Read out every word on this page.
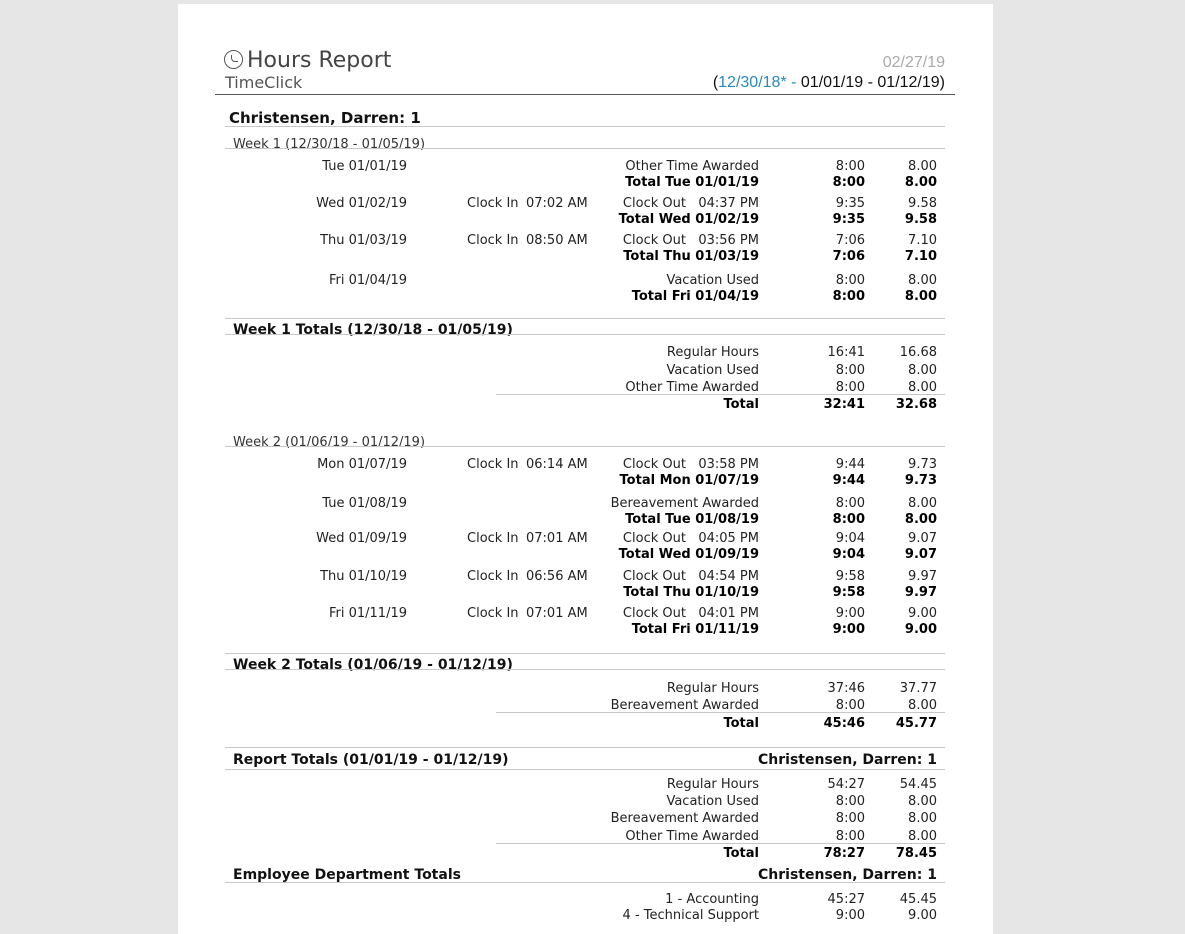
Hours Report
TimeClick
02/27/19
(12/30/18* - 01/01/19 - 01/12/19)
Christensen, Darren: 1
Week 1 (12/30/18 - 01/05/19)
Tue 01/01/19	Other Time Awarded	8:00	8.00
Total Tue 01/01/19	8:00	8.00
Wed 01/02/19	Clock In 07:02 AM	Clock Out   04:37 PM	9:35	9.58
Total Wed 01/02/19	9:35	9.58
Thu 01/03/19	Clock In 08:50 AM	Clock Out   03:56 PM	7:06	7.10
Total Thu 01/03/19	7:06	7.10
Fri 01/04/19	Vacation Used	8:00	8.00
Total Fri 01/04/19	8:00	8.00
Week 1 Totals (12/30/18 - 01/05/19)
Regular Hours	16:41	16.68
Vacation Used	8:00	8.00
Other Time Awarded	8:00	8.00
Total	32:41 32.68
Week 2 (01/06/19 - 01/12/19)
Mon 01/07/19	Clock In 06:14 AM	Clock Out   03:58 PM	9:44	9.73
Total Mon 01/07/19	9:44	9.73
Tue 01/08/19	Bereavement Awarded	8:00	8.00
Total Tue 01/08/19	8:00	8.00
Wed 01/09/19	Clock In 07:01 AM	Clock Out   04:05 PM	9:04	9.07
Total Wed 01/09/19	9:04	9.07
Thu 01/10/19	Clock In 06:56 AM	Clock Out   04:54 PM	9:58	9.97
Total Thu 01/10/19	9:58	9.97
Fri 01/11/19	Clock In 07:01 AM	Clock Out   04:01 PM	9:00	9.00
Total Fri 01/11/19	9:00	9.00
Week 2 Totals (01/06/19 - 01/12/19)
Regular Hours	37:46	37.77
Bereavement Awarded	8:00	8.00
Total	45:46 45.77
Report Totals (01/01/19 - 01/12/19)	Christensen, Darren: 1
Regular Hours	54:27	54.45
Vacation Used	8:00	8.00
Bereavement Awarded	8:00	8.00
Other Time Awarded	8:00	8.00
Total	78:27 78.45
Employee Department Totals	Christensen, Darren: 1
1 - Accounting	45:27	45.45
4 - Technical Support	9:00	9.00
